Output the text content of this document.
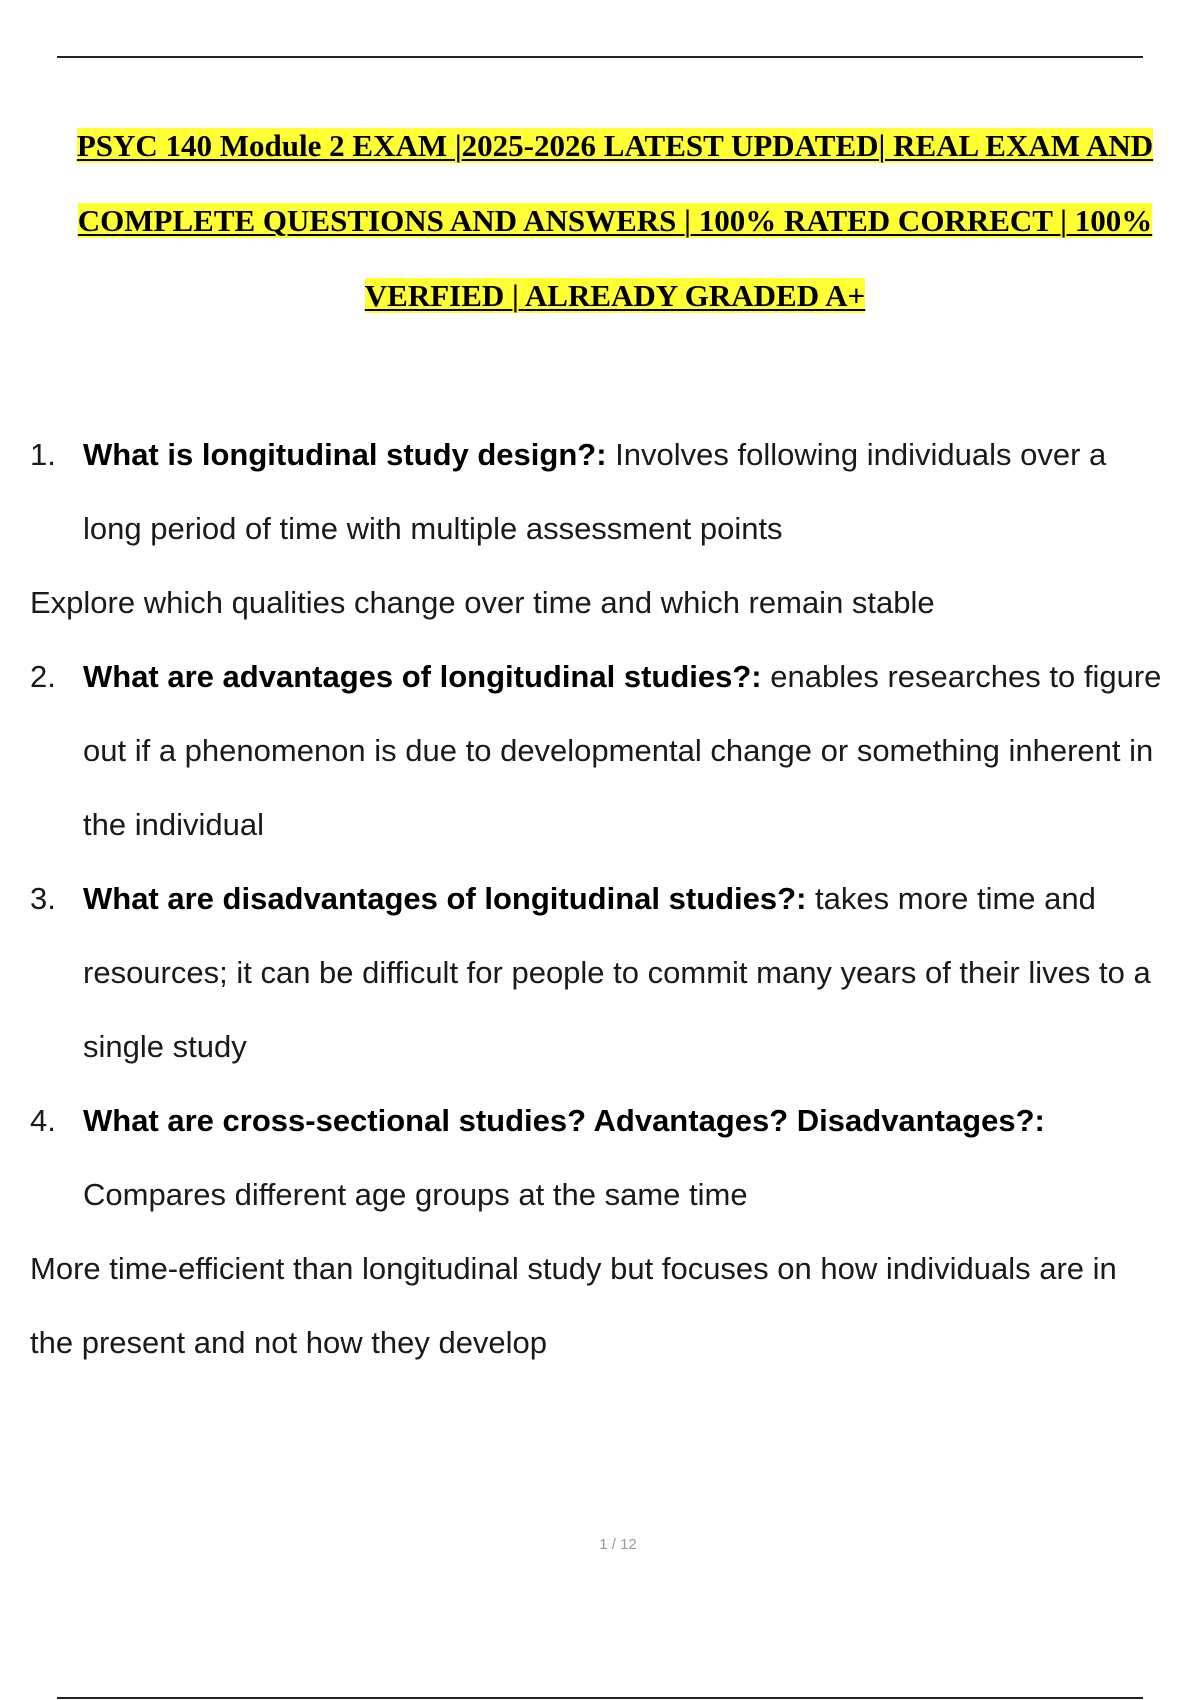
PSYC 140 Module 2 EXAM |2025-2026 LATEST UPDATED| REAL EXAM AND
COMPLETE QUESTIONS AND ANSWERS | 100% RATED CORRECT | 100%
VERFIED | ALREADY GRADED A+
1. What is longitudinal study design?: Involves following individuals over a
long period of time with multiple assessment points
Explore which qualities change over time and which remain stable
2. What are advantages of longitudinal studies?: enables researches to figure
out if a phenomenon is due to developmental change or something inherent in
the individual
3. What are disadvantages of longitudinal studies?: takes more time and
resources; it can be difficult for people to commit many years of their lives to a
single study
4. What are cross-sectional studies? Advantages? Disadvantages?:
Compares different age groups at the same time
More time-efficient than longitudinal study but focuses on how individuals are in
the present and not how they develop
1 / 12
